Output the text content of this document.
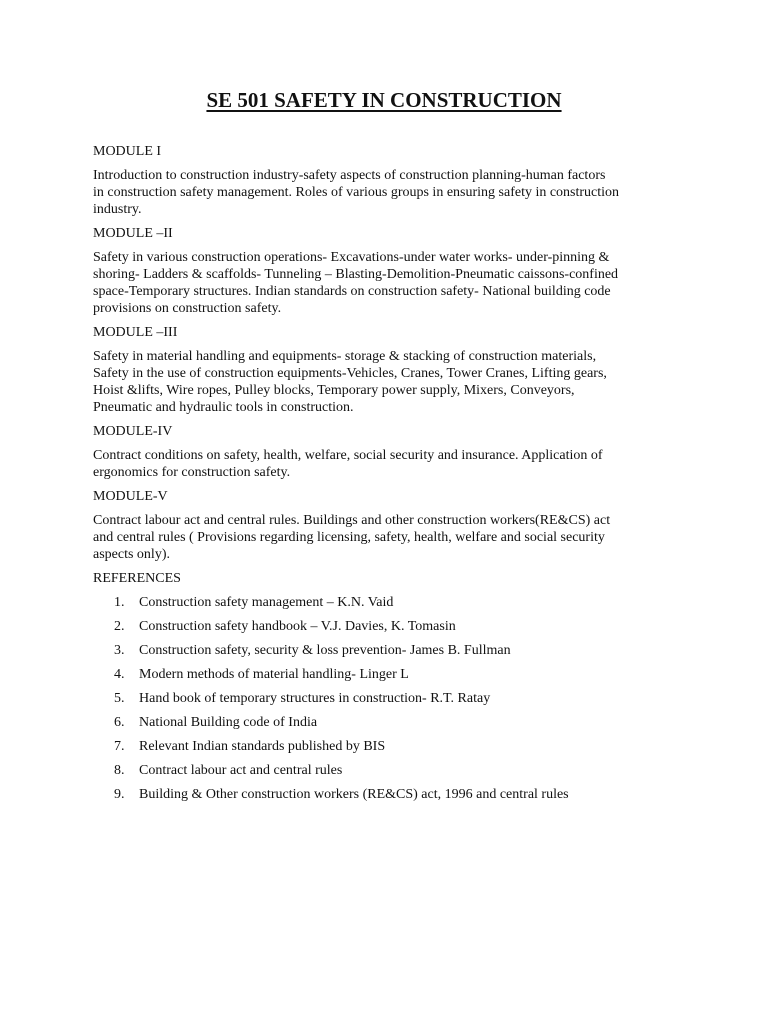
SE 501 SAFETY IN CONSTRUCTION
MODULE I
Introduction to construction industry-safety aspects of construction planning-human factors
in construction safety management. Roles of various groups in ensuring safety in construction
industry.
MODULE –II
Safety in various construction operations- Excavations-under water works- under-pinning &
shoring- Ladders & scaffolds- Tunneling – Blasting-Demolition-Pneumatic caissons-confined
space-Temporary structures. Indian standards on construction safety- National building code
provisions on construction safety.
MODULE –III
Safety in material handling and equipments- storage & stacking of construction materials,
Safety in the use of construction equipments-Vehicles, Cranes, Tower Cranes, Lifting gears,
Hoist &lifts, Wire ropes, Pulley blocks, Temporary power supply, Mixers, Conveyors,
Pneumatic and hydraulic tools in construction.
MODULE-IV
Contract conditions on safety, health, welfare, social security and insurance. Application of
ergonomics for construction safety.
MODULE-V
Contract labour act and central rules. Buildings and other construction workers(RE&CS) act
and central rules ( Provisions regarding licensing, safety, health, welfare and social security
aspects only).
REFERENCES
1. Construction safety management – K.N. Vaid
2. Construction safety handbook – V.J. Davies, K. Tomasin
3. Construction safety, security & loss prevention- James B. Fullman
4. Modern methods of material handling- Linger L
5. Hand book of temporary structures in construction- R.T. Ratay
6. National Building code of India
7. Relevant Indian standards published by BIS
8. Contract labour act and central rules
9. Building & Other construction workers (RE&CS) act, 1996 and central rules
